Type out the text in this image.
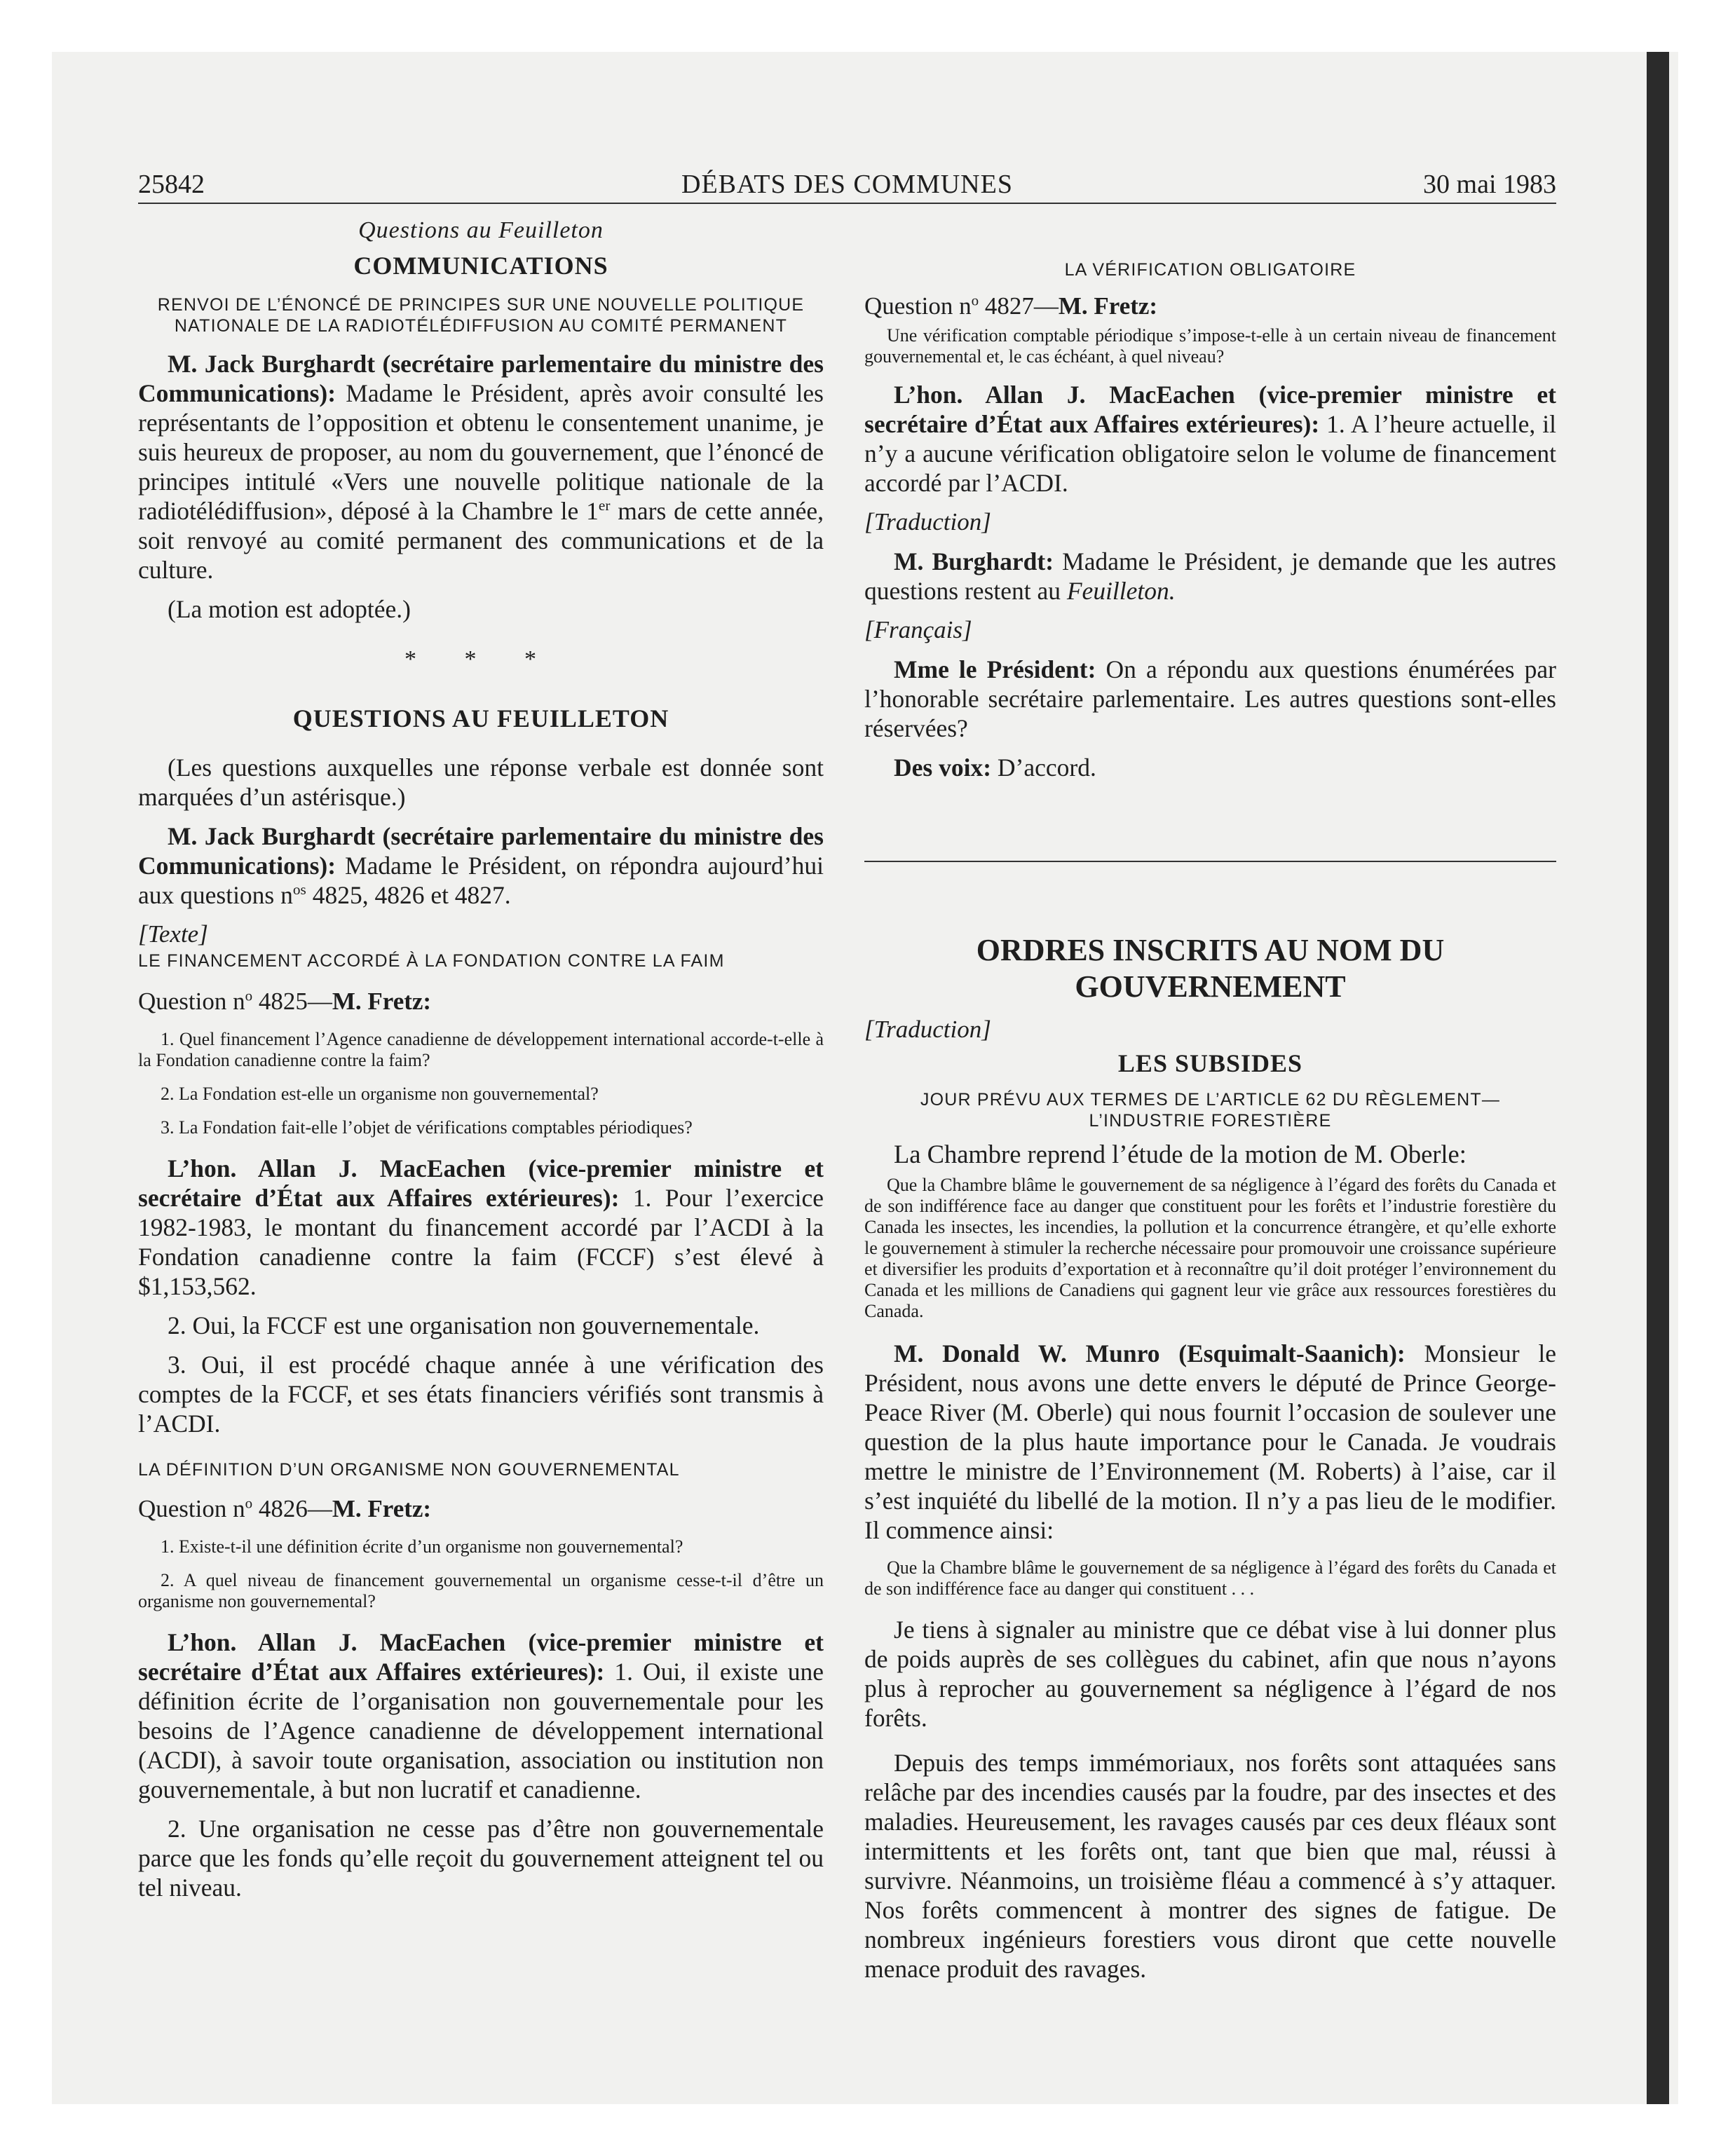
25842	DÉBATS DES COMMUNES	30 mai 1983

Questions au Feuilleton

COMMUNICATIONS

RENVOI DE L’ÉNONCÉ DE PRINCIPES SUR UNE NOUVELLE POLITIQUE NATIONALE DE LA RADIOTÉLÉDIFFUSION AU COMITÉ PERMANENT

M. Jack Burghardt (secrétaire parlementaire du ministre des Communications): Madame le Président, après avoir consulté les représentants de l’opposition et obtenu le consentement unanime, je suis heureux de proposer, au nom du gouvernement, que l’énoncé de principes intitulé «Vers une nouvelle politique nationale de la radiotélédiffusion», déposé à la Chambre le 1er mars de cette année, soit renvoyé au comité permanent des communications et de la culture.

(La motion est adoptée.)

* * *

QUESTIONS AU FEUILLETON

(Les questions auxquelles une réponse verbale est donnée sont marquées d’un astérisque.)

M. Jack Burghardt (secrétaire parlementaire du ministre des Communications): Madame le Président, on répondra aujourd’hui aux questions $n^{os}$ 4825, 4826 et 4827.

[Texte]

LE FINANCEMENT ACCORDÉ À LA FONDATION CONTRE LA FAIM

Question $n^o$ 4825—M. Fretz:

1. Quel financement l’Agence canadienne de développement international accorde-t-elle à la Fondation canadienne contre la faim?

2. La Fondation est-elle un organisme non gouvernemental?

3. La Fondation fait-elle l’objet de vérifications comptables périodiques?

L’hon. Allan J. MacEachen (vice-premier ministre et secrétaire d’État aux Affaires extérieures): 1. Pour l’exercice 1982-1983, le montant du financement accordé par l’ACDI à la Fondation canadienne contre la faim (FCCF) s’est élevé à $1,153,562.

2. Oui, la FCCF est une organisation non gouvernementale.

3. Oui, il est procédé chaque année à une vérification des comptes de la FCCF, et ses états financiers vérifiés sont transmis à l’ACDI.

LA DÉFINITION D’UN ORGANISME NON GOUVERNEMENTAL

Question $n^o$ 4826—M. Fretz:

1. Existe-t-il une définition écrite d’un organisme non gouvernemental?

2. A quel niveau de financement gouvernemental un organisme cesse-t-il d’être un organisme non gouvernemental?

L’hon. Allan J. MacEachen (vice-premier ministre et secrétaire d’État aux Affaires extérieures): 1. Oui, il existe une définition écrite de l’organisation non gouvernementale pour les besoins de l’Agence canadienne de développement international (ACDI), à savoir toute organisation, association ou institution non gouvernementale, à but non lucratif et canadienne.

2. Une organisation ne cesse pas d’être non gouvernementale parce que les fonds qu’elle reçoit du gouvernement atteignent tel ou tel niveau.

LA VÉRIFICATION OBLIGATOIRE

Question $n^o$ 4827—M. Fretz:

Une vérification comptable périodique s’impose-t-elle à un certain niveau de financement gouvernemental et, le cas échéant, à quel niveau?

L’hon. Allan J. MacEachen (vice-premier ministre et secrétaire d’État aux Affaires extérieures): 1. A l’heure actuelle, il n’y a aucune vérification obligatoire selon le volume de financement accordé par l’ACDI.

[Traduction]

M. Burghardt: Madame le Président, je demande que les autres questions restent au Feuilleton.

[Français]

Mme le Président: On a répondu aux questions énumérées par l’honorable secrétaire parlementaire. Les autres questions sont-elles réservées?

Des voix: D’accord.

ORDRES INSCRITS AU NOM DU GOUVERNEMENT

[Traduction]

LES SUBSIDES

JOUR PRÉVU AUX TERMES DE L’ARTICLE 62 DU RÈGLEMENT— L’INDUSTRIE FORESTIÈRE

La Chambre reprend l’étude de la motion de M. Oberle:

Que la Chambre blâme le gouvernement de sa négligence à l’égard des forêts du Canada et de son indifférence face au danger que constituent pour les forêts et l’industrie forestière du Canada les insectes, les incendies, la pollution et la concurrence étrangère, et qu’elle exhorte le gouvernement à stimuler la recherche nécessaire pour promouvoir une croissance supérieure et diversifier les produits d’exportation et à reconnaître qu’il doit protéger l’environnement du Canada et les millions de Canadiens qui gagnent leur vie grâce aux ressources forestières du Canada.

M. Donald W. Munro (Esquimalt-Saanich): Monsieur le Président, nous avons une dette envers le député de Prince George-Peace River (M. Oberle) qui nous fournit l’occasion de soulever une question de la plus haute importance pour le Canada. Je voudrais mettre le ministre de l’Environnement (M. Roberts) à l’aise, car il s’est inquiété du libellé de la motion. Il n’y a pas lieu de le modifier. Il commence ainsi:

Que la Chambre blâme le gouvernement de sa négligence à l’égard des forêts du Canada et de son indifférence face au danger qui constituent . . .

Je tiens à signaler au ministre que ce débat vise à lui donner plus de poids auprès de ses collègues du cabinet, afin que nous n’ayons plus à reprocher au gouvernement sa négligence à l’égard de nos forêts.

Depuis des temps immémoriaux, nos forêts sont attaquées sans relâche par des incendies causés par la foudre, par des insectes et des maladies. Heureusement, les ravages causés par ces deux fléaux sont intermittents et les forêts ont, tant que bien que mal, réussi à survivre. Néanmoins, un troisième fléau a commencé à s’y attaquer. Nos forêts commencent à montrer des signes de fatigue. De nombreux ingénieurs forestiers vous diront que cette nouvelle menace produit des ravages.
